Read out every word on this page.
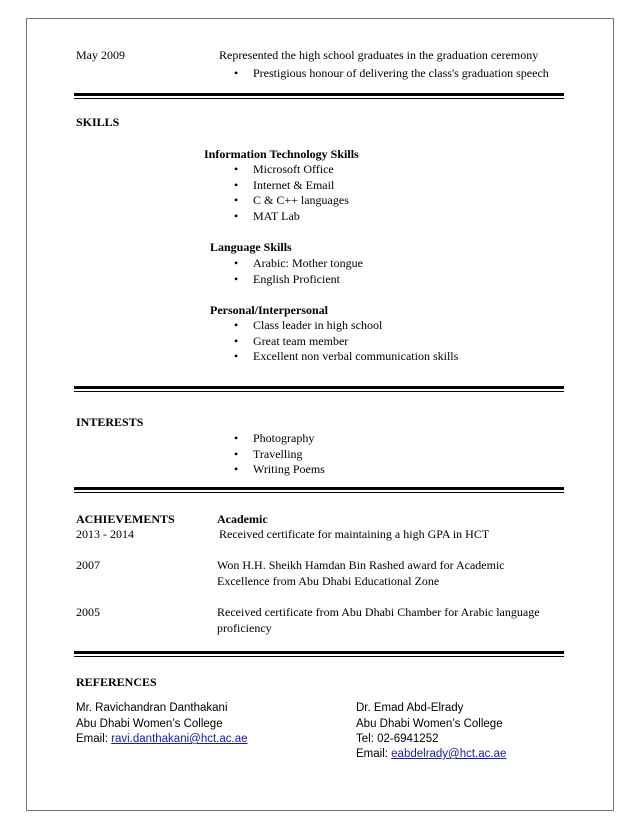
May 2009	Represented the high school graduates in the graduation ceremony
• Prestigious honour of delivering the class's graduation speech
SKILLS
Information Technology Skills
• Microsoft Office
• Internet & Email
• C & C++ languages
• MAT Lab
Language Skills
• Arabic: Mother tongue
• English Proficient
Personal/Interpersonal
• Class leader in high school
• Great team member
• Excellent non verbal communication skills
INTERESTS
• Photography
• Travelling
• Writing Poems
ACHIEVEMENTS	Academic
2013 - 2014	Received certificate for maintaining a high GPA in HCT
2007	Won H.H. Sheikh Hamdan Bin Rashed award for Academic
Excellence from Abu Dhabi Educational Zone
2005	Received certificate from Abu Dhabi Chamber for Arabic language
proficiency
REFERENCES
Mr. Ravichandran Danthakani
Abu Dhabi Women’s College
Email: ravi.danthakani@hct.ac.ae
Dr. Emad Abd-Elrady
Abu Dhabi Women’s College
Tel: 02-6941252
Email: eabdelrady@hct.ac.ae
